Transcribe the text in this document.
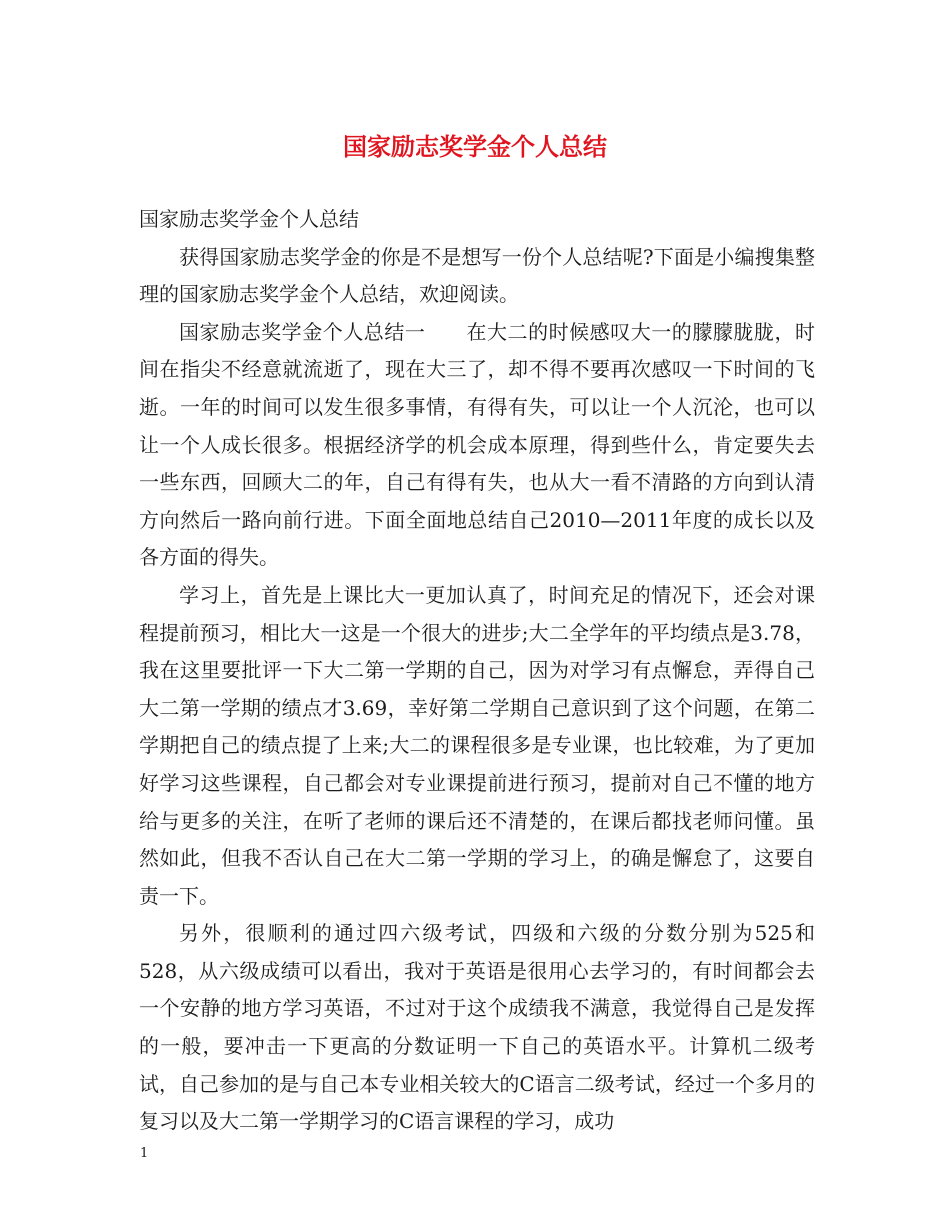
国家励志奖学金个人总结

国家励志奖学金个人总结

获得国家励志奖学金的你是不是想写一份个人总结呢?下面是小编搜集整理的国家励志奖学金个人总结，欢迎阅读。

国家励志奖学金个人总结一　　在大二的时候感叹大一的朦朦胧胧，时间在指尖不经意就流逝了，现在大三了，却不得不要再次感叹一下时间的飞逝。一年的时间可以发生很多事情，有得有失，可以让一个人沉沦，也可以让一个人成长很多。根据经济学的机会成本原理，得到些什么，肯定要失去一些东西，回顾大二的年，自己有得有失，也从大一看不清路的方向到认清方向然后一路向前行进。下面全面地总结自己2010—2011年度的成长以及各方面的得失。

学习上，首先是上课比大一更加认真了，时间充足的情况下，还会对课程提前预习，相比大一这是一个很大的进步;大二全学年的平均绩点是3.78，我在这里要批评一下大二第一学期的自己，因为对学习有点懈怠，弄得自己大二第一学期的绩点才3.69，幸好第二学期自己意识到了这个问题，在第二学期把自己的绩点提了上来;大二的课程很多是专业课，也比较难，为了更加好学习这些课程，自己都会对专业课提前进行预习，提前对自己不懂的地方给与更多的关注，在听了老师的课后还不清楚的，在课后都找老师问懂。虽然如此，但我不否认自己在大二第一学期的学习上，的确是懈怠了，这要自责一下。

另外，很顺利的通过四六级考试，四级和六级的分数分别为525和528，从六级成绩可以看出，我对于英语是很用心去学习的，有时间都会去一个安静的地方学习英语，不过对于这个成绩我不满意，我觉得自己是发挥的一般，要冲击一下更高的分数证明一下自己的英语水平。计算机二级考试，自己参加的是与自己本专业相关较大的C语言二级考试，经过一个多月的复习以及大二第一学期学习的C语言课程的学习，成功

1
